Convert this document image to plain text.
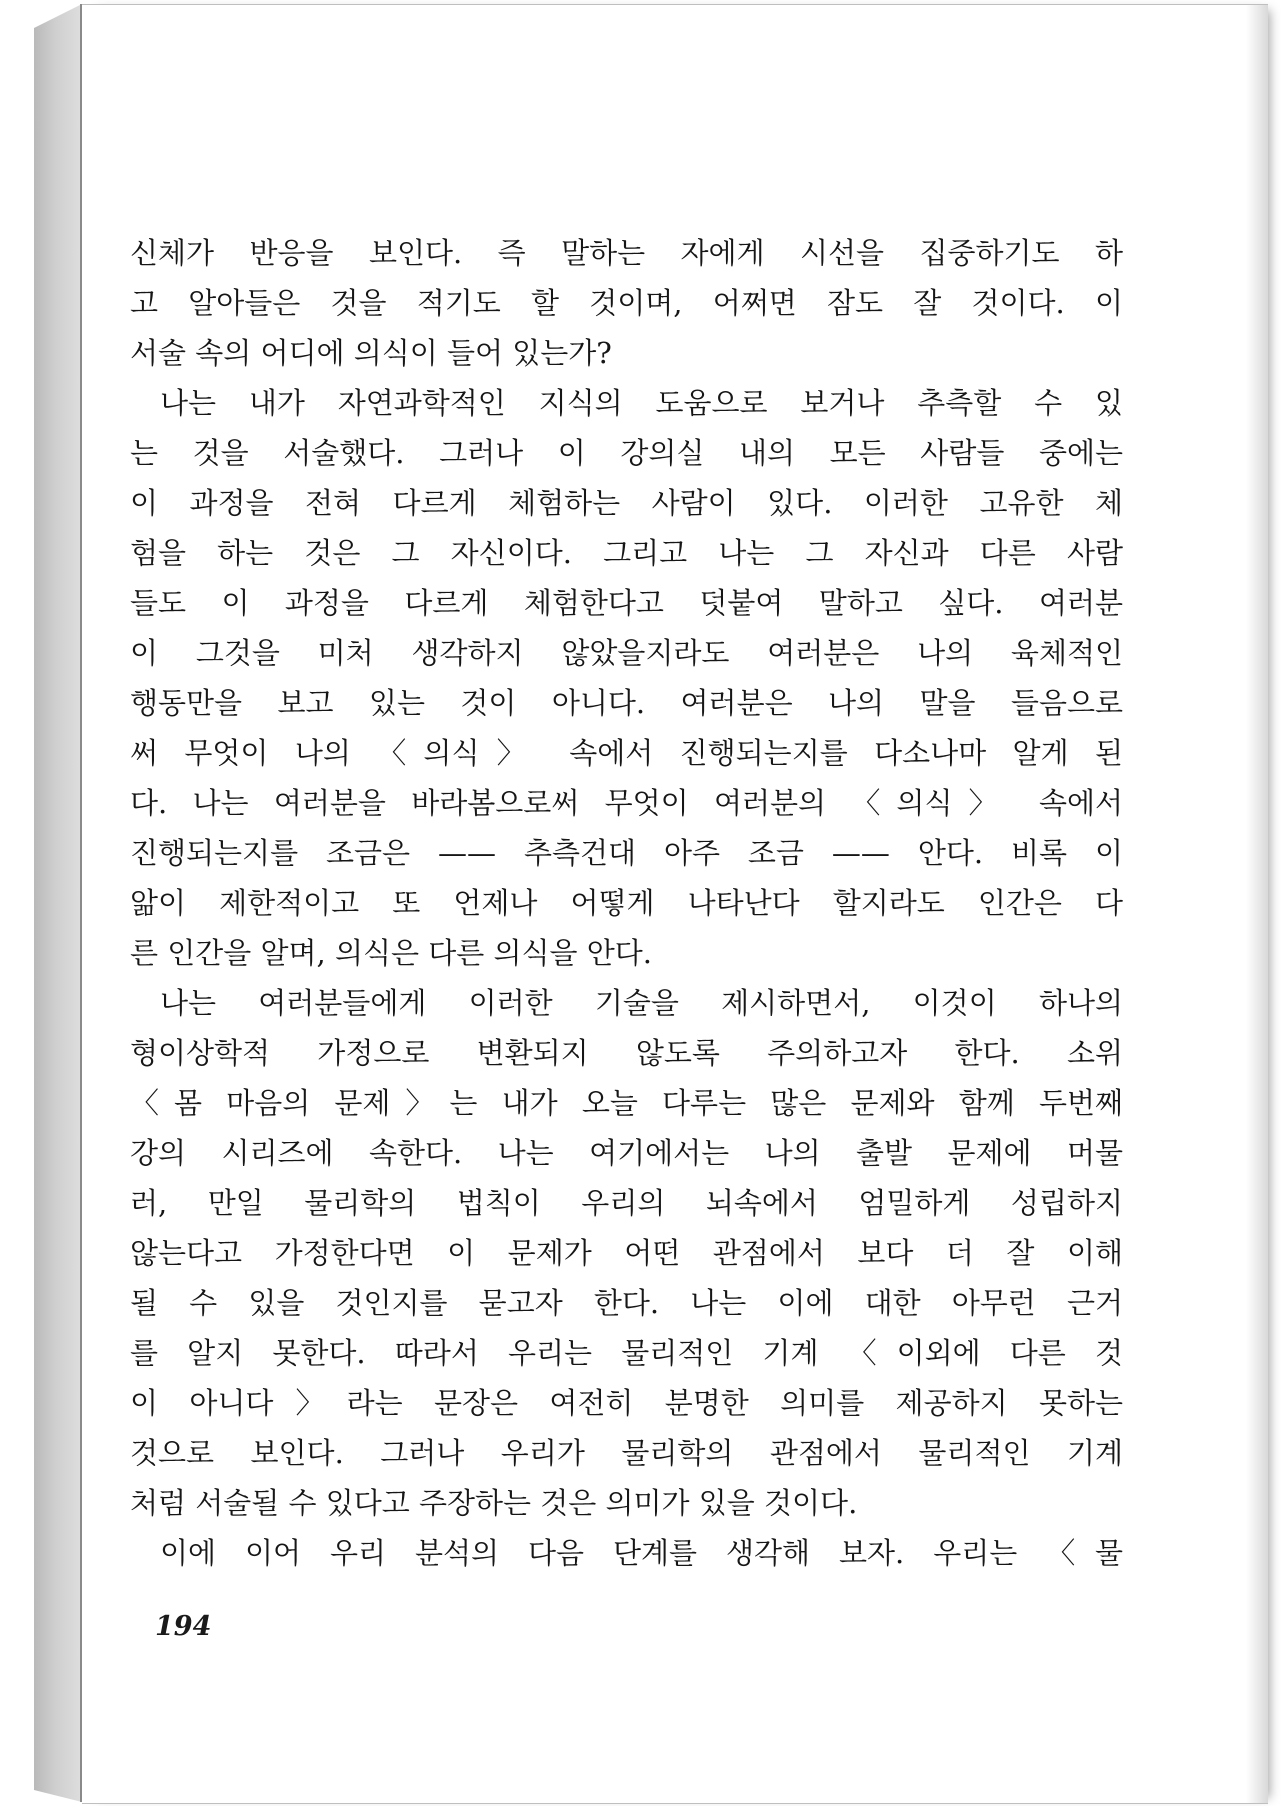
신체가 반응을 보인다. 즉 말하는 자에게 시선을 집중하기도 하
고 알아들은 것을 적기도 할 것이며, 어쩌면 잠도 잘 것이다. 이
서술 속의 어디에 의식이 들어 있는가?
나는 내가 자연과학적인 지식의 도움으로 보거나 추측할 수 있
는 것을 서술했다. 그러나 이 강의실 내의 모든 사람들 중에는
이 과정을 전혀 다르게 체험하는 사람이 있다. 이러한 고유한 체
험을 하는 것은 그 자신이다. 그리고 나는 그 자신과 다른 사람
들도 이 과정을 다르게 체험한다고 덧붙여 말하고 싶다. 여러분
이 그것을 미처 생각하지 않았을지라도 여러분은 나의 육체적인
행동만을 보고 있는 것이 아니다. 여러분은 나의 말을 들음으로
써 무엇이 나의 〈의식〉 속에서 진행되는지를 다소나마 알게 된
다. 나는 여러분을 바라봄으로써 무엇이 여러분의 〈의식〉 속에서
진행되는지를 조금은 —— 추측건대 아주 조금 —— 안다. 비록 이
앎이 제한적이고 또 언제나 어떻게 나타난다 할지라도 인간은 다
른 인간을 알며, 의식은 다른 의식을 안다.
나는 여러분들에게 이러한 기술을 제시하면서, 이것이 하나의
형이상학적 가정으로 변환되지 않도록 주의하고자 한다. 소위
〈몸 마음의 문제〉는 내가 오늘 다루는 많은 문제와 함께 두번째
강의 시리즈에 속한다. 나는 여기에서는 나의 출발 문제에 머물
러, 만일 물리학의 법칙이 우리의 뇌속에서 엄밀하게 성립하지
않는다고 가정한다면 이 문제가 어떤 관점에서 보다 더 잘 이해
될 수 있을 것인지를 묻고자 한다. 나는 이에 대한 아무런 근거
를 알지 못한다. 따라서 우리는 물리적인 기계 〈이외에 다른 것
이 아니다〉라는 문장은 여전히 분명한 의미를 제공하지 못하는
것으로 보인다. 그러나 우리가 물리학의 관점에서 물리적인 기계
처럼 서술될 수 있다고 주장하는 것은 의미가 있을 것이다.
이에 이어 우리 분석의 다음 단계를 생각해 보자. 우리는 〈물
194
